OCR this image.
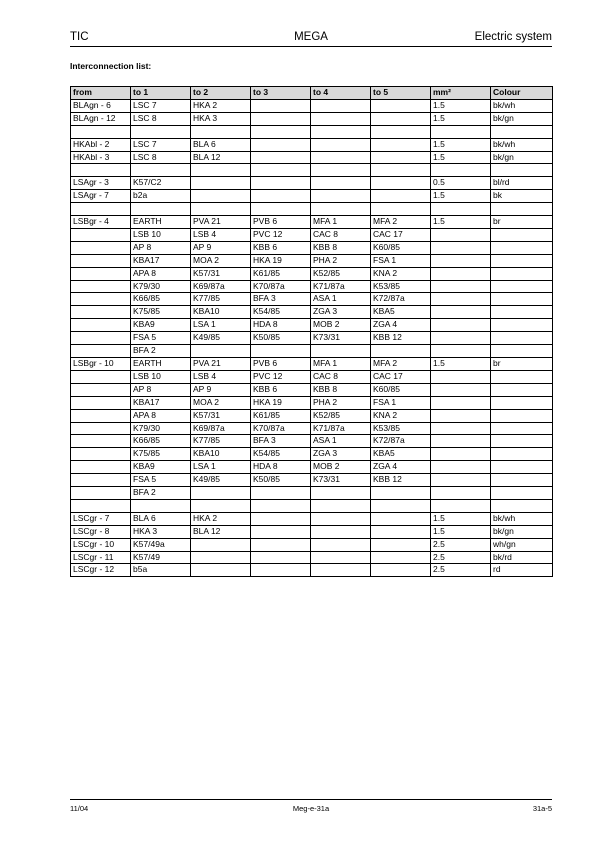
TIC	MEGA	Electric system
Interconnection list:
from	to 1	to 2	to 3	to 4	to 5	mm²	Colour
BLAgn - 6	LSC 7	HKA 2				1.5	bk/wh
BLAgn - 12	LSC 8	HKA 3				1.5	bk/gn

HKAbl - 2	LSC 7	BLA 6				1.5	bk/wh
HKAbl - 3	LSC 8	BLA 12				1.5	bk/gn

LSAgr - 3	K57/C2					0.5	bl/rd
LSAgr - 7	b2a					1.5	bk

LSBgr - 4	EARTH	PVA 21	PVB 6	MFA 1	MFA 2	1.5	br
	LSB 10	LSB 4	PVC 12	CAC 8	CAC 17		
	AP 8	AP 9	KBB 6	KBB 8	K60/85		
	KBA17	MOA 2	HKA 19	PHA 2	FSA 1		
	APA 8	K57/31	K61/85	K52/85	KNA 2		
	K79/30	K69/87a	K70/87a	K71/87a	K53/85		
	K66/85	K77/85	BFA 3	ASA 1	K72/87a		
	K75/85	KBA10	K54/85	ZGA 3	KBA5		
	KBA9	LSA 1	HDA 8	MOB 2	ZGA 4		
	FSA 5	K49/85	K50/85	K73/31	KBB 12		
	BFA 2						
LSBgr - 10	EARTH	PVA 21	PVB 6	MFA 1	MFA 2	1.5	br
	LSB 10	LSB 4	PVC 12	CAC 8	CAC 17		
	AP 8	AP 9	KBB 6	KBB 8	K60/85		
	KBA17	MOA 2	HKA 19	PHA 2	FSA 1		
	APA 8	K57/31	K61/85	K52/85	KNA 2		
	K79/30	K69/87a	K70/87a	K71/87a	K53/85		
	K66/85	K77/85	BFA 3	ASA 1	K72/87a		
	K75/85	KBA10	K54/85	ZGA 3	KBA5		
	KBA9	LSA 1	HDA 8	MOB 2	ZGA 4		
	FSA 5	K49/85	K50/85	K73/31	KBB 12		
	BFA 2						

LSCgr - 7	BLA 6	HKA 2				1.5	bk/wh
LSCgr - 8	HKA 3	BLA 12				1.5	bk/gn
LSCgr - 10	K57/49a					2.5	wh/gn
LSCgr - 11	K57/49					2.5	bk/rd
LSCgr - 12	b5a					2.5	rd
11/04	Meg-e-31a	31a-5
